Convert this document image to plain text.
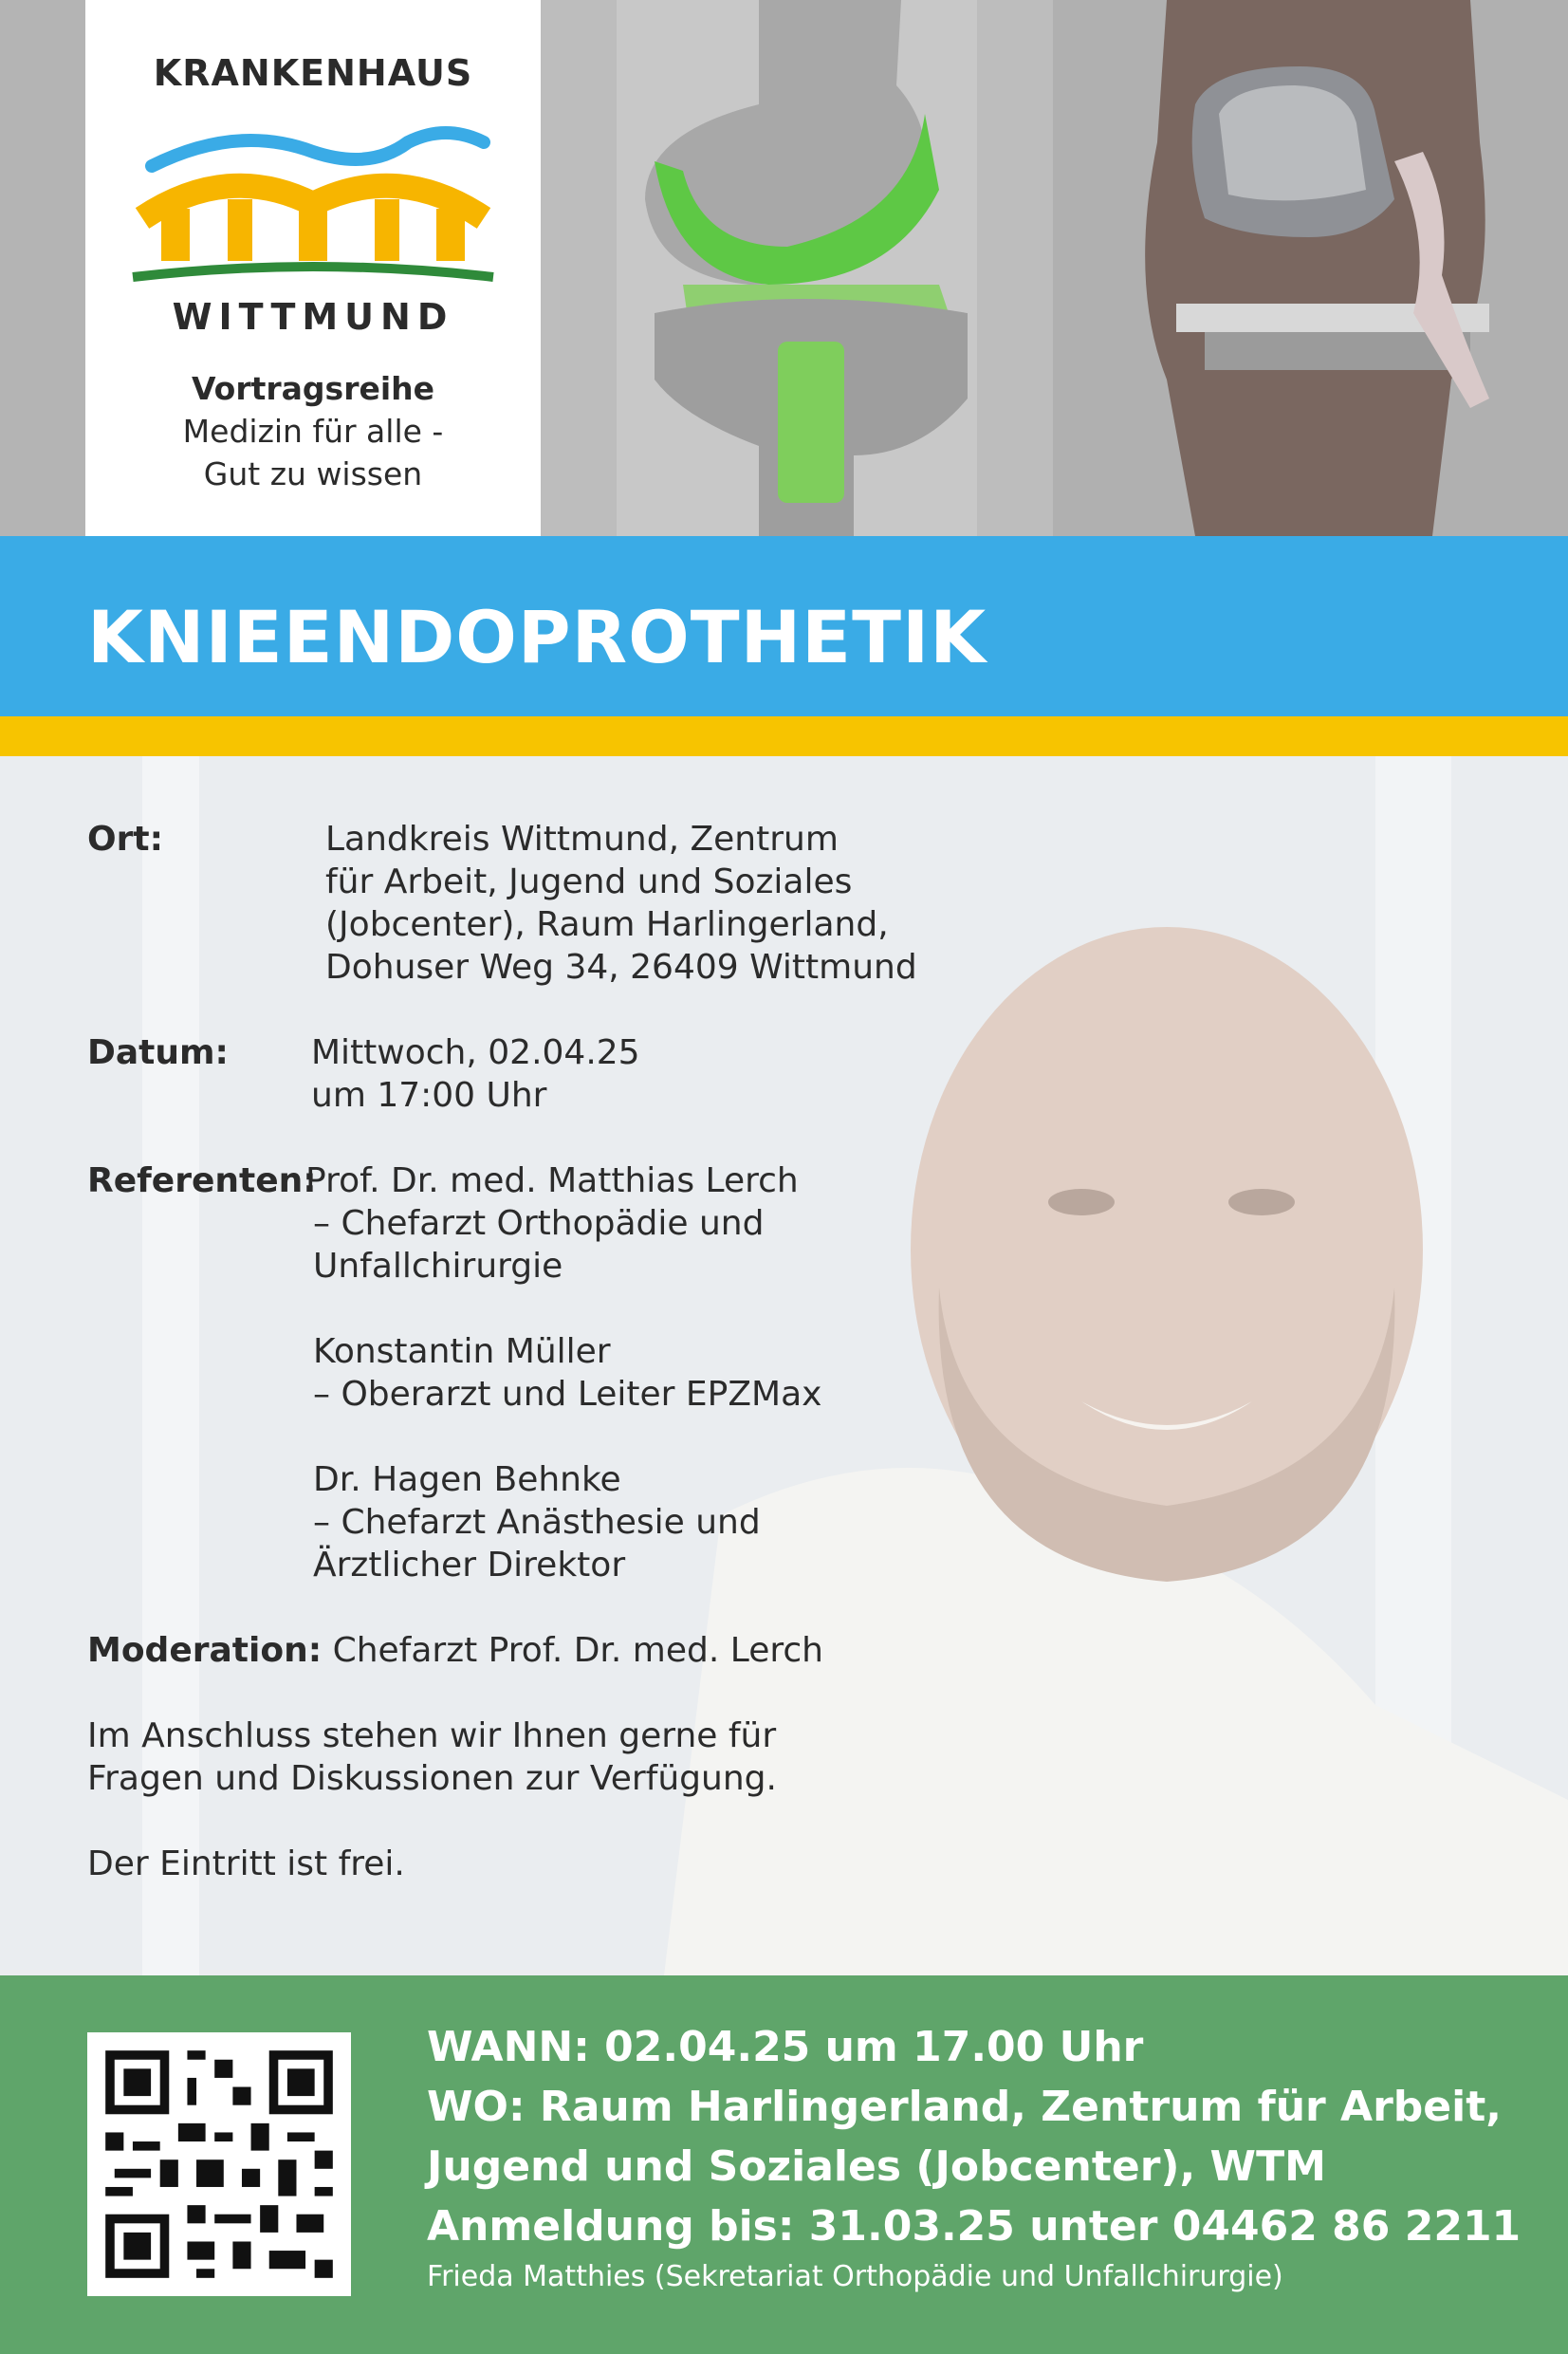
KRANKENHAUS
WITTMUND
Vortragsreihe
Medizin für alle -
Gut zu wissen
KNIEENDOPROTHETIK
Ort:	Landkreis Wittmund, Zentrum
für Arbeit, Jugend und Soziales
(Jobcenter), Raum Harlingerland,
Dohuser Weg 34, 26409 Wittmund
Datum: Mittwoch, 02.04.25
um 17:00 Uhr
Referenten:
Prof. Dr. med. Matthias Lerch
– Chefarzt Orthopädie und
Unfallchirurgie
Konstantin Müller
– Oberarzt und Leiter EPZMax
Dr. Hagen Behnke
– Chefarzt Anästhesie und
Ärztlicher Direktor
Moderation: Chefarzt Prof. Dr. med. Lerch
Im Anschluss stehen wir Ihnen gerne für
Fragen und Diskussionen zur Verfügung.
Der Eintritt ist frei.
WANN: 02.04.25 um 17.00 Uhr
WO: Raum Harlingerland, Zentrum für Arbeit,
Jugend und Soziales (Jobcenter), WTM
Anmeldung bis: 31.03.25 unter 04462 86 2211
Frieda Matthies (Sekretariat Orthopädie und Unfallchirurgie)
